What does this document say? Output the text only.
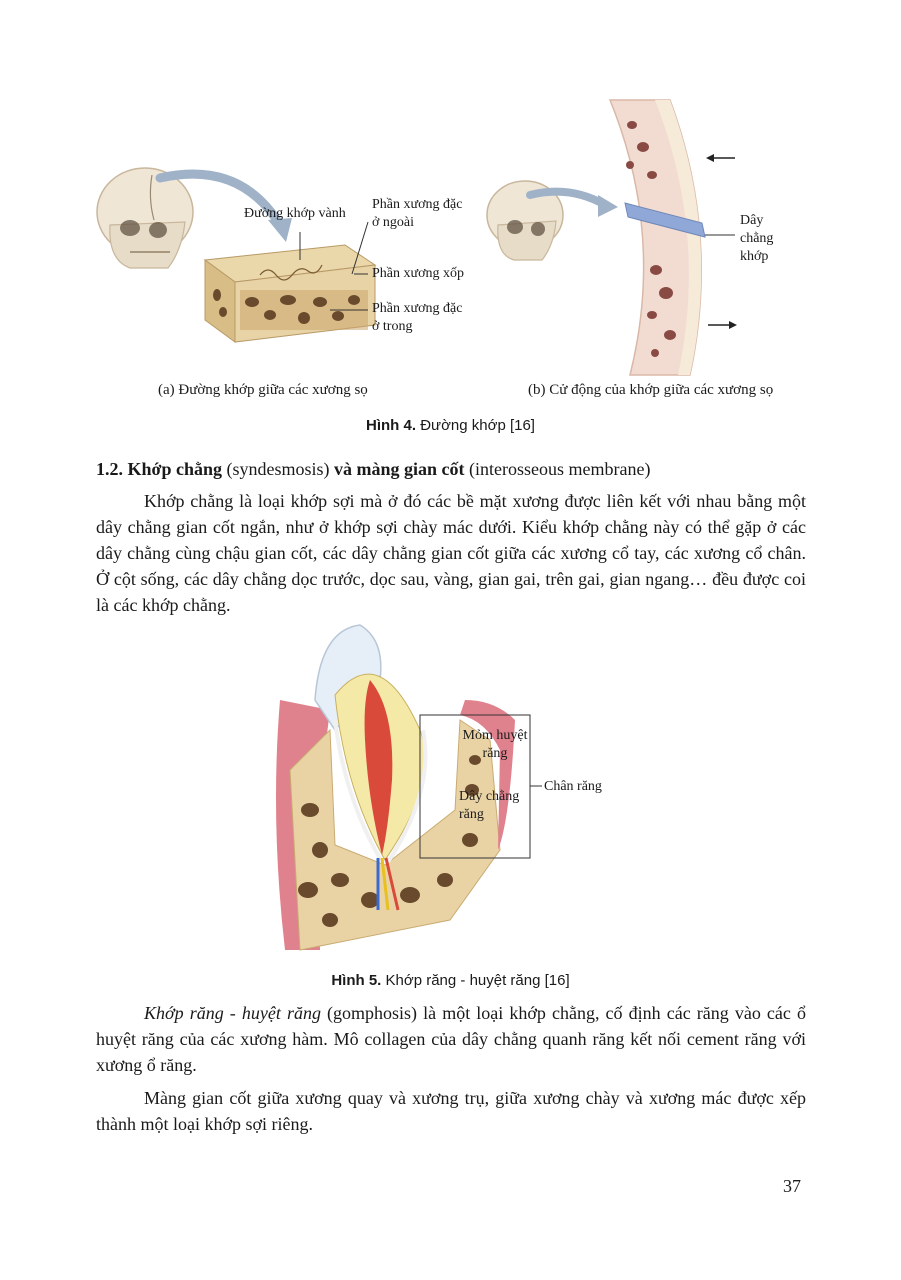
Đường khớp vành
Phần xương đặc
ở ngoài
Phần xương xốp
Phần xương đặc
ở trong
Dây
chằng
khớp
(a) Đường khớp giữa các xương sọ	(b) Cử động của khớp giữa các xương sọ
Hình 4. Đường khớp [16]
1.2. Khớp chằng (syndesmosis) và màng gian cốt (interosseous membrane)

Khớp chằng là loại khớp sợi mà ở đó các bề mặt xương được liên kết với nhau bằng một dây chằng gian cốt ngắn, như ở khớp sợi chày mác dưới. Kiểu khớp chằng này có thể gặp ở các dây chằng cùng chậu gian cốt, các dây chằng gian cốt giữa các xương cổ tay, các xương cổ chân. Ở cột sống, các dây chằng dọc trước, dọc sau, vàng, gian gai, trên gai, gian ngang… đều được coi là các khớp chằng.

Mỏm huyệt
răng
Dây chằng
răng
Chân răng
Hình 5. Khớp răng - huyệt răng [16]

Khớp răng - huyệt răng (gomphosis) là một loại khớp chằng, cố định các răng vào các ổ huyệt răng của các xương hàm. Mô collagen của dây chằng quanh răng kết nối cement răng với xương ổ răng.

Màng gian cốt giữa xương quay và xương trụ, giữa xương chày và xương mác được xếp thành một loại khớp sợi riêng.

37
